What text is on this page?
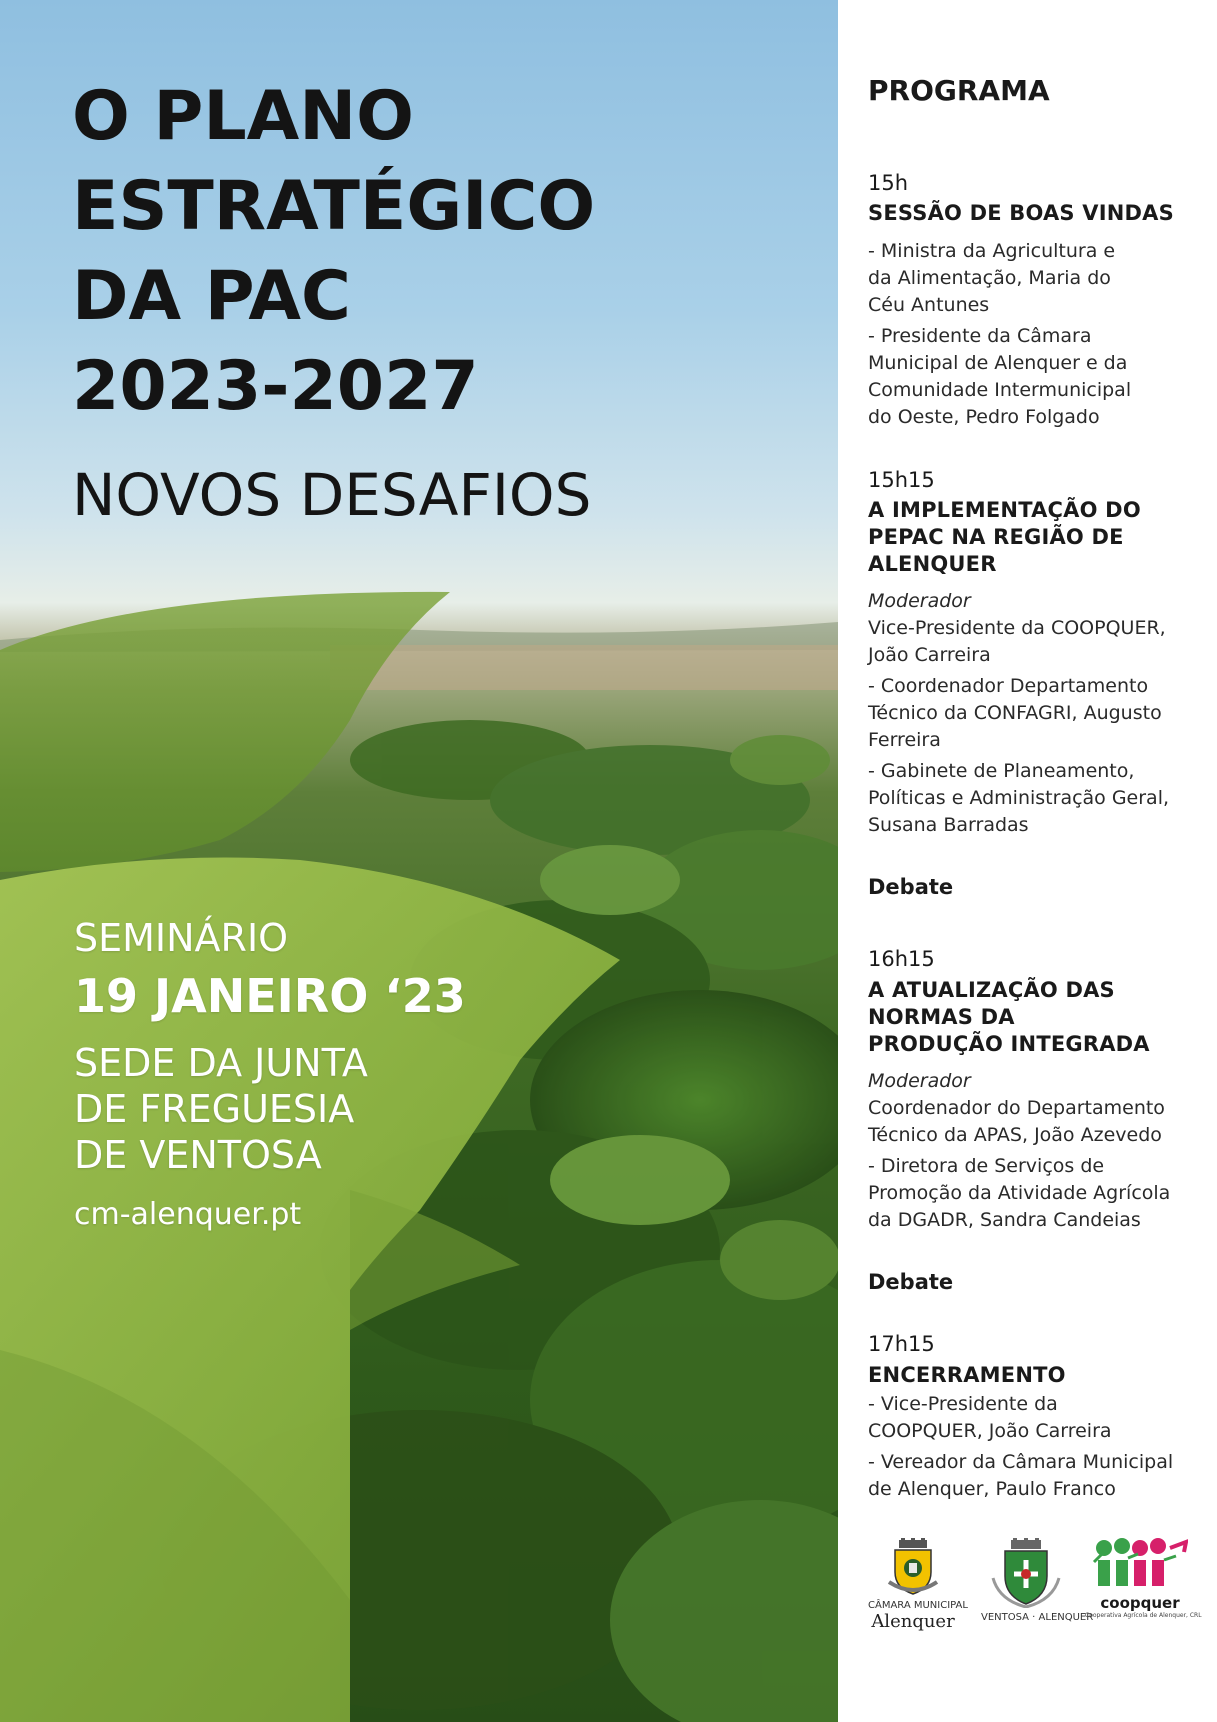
O PLANO
ESTRATÉGICO
DA PAC
2023-2027
NOVOS DESAFIOS

SEMINÁRIO

19 JANEIRO ‘23

SEDE DA JUNTA

DE FREGUESIA

DE VENTOSA

cm-alenquer.pt

PROGRAMA

15h

SESSÃO DE BOAS VINDAS

- Ministra da Agricultura e

da Alimentação, Maria do

Céu Antunes

- Presidente da Câmara

Municipal de Alenquer e da

Comunidade Intermunicipal

do Oeste, Pedro Folgado

15h15

A IMPLEMENTAÇÃO DO

PEPAC NA REGIÃO DE

ALENQUER

Moderador

Vice-Presidente da COOPQUER,

João Carreira

- Coordenador Departamento

Técnico da CONFAGRI, Augusto

Ferreira

- Gabinete de Planeamento,

Políticas e Administração Geral,

Susana Barradas

Debate

16h15

A ATUALIZAÇÃO DAS

NORMAS DA

PRODUÇÃO INTEGRADA

Moderador

Coordenador do Departamento

Técnico da APAS, João Azevedo

- Diretora de Serviços de

Promoção da Atividade Agrícola

da DGADR, Sandra Candeias

Debate

17h15

ENCERRAMENTO

- Vice-Presidente da

COOPQUER, João Carreira

- Vereador da Câmara Municipal

de Alenquer, Paulo Franco

CÂMARA MUNICIPAL
Alenquer	VENTOSA · ALENQUER
coopquer
Cooperativa Agrícola de Alenquer, CRL
